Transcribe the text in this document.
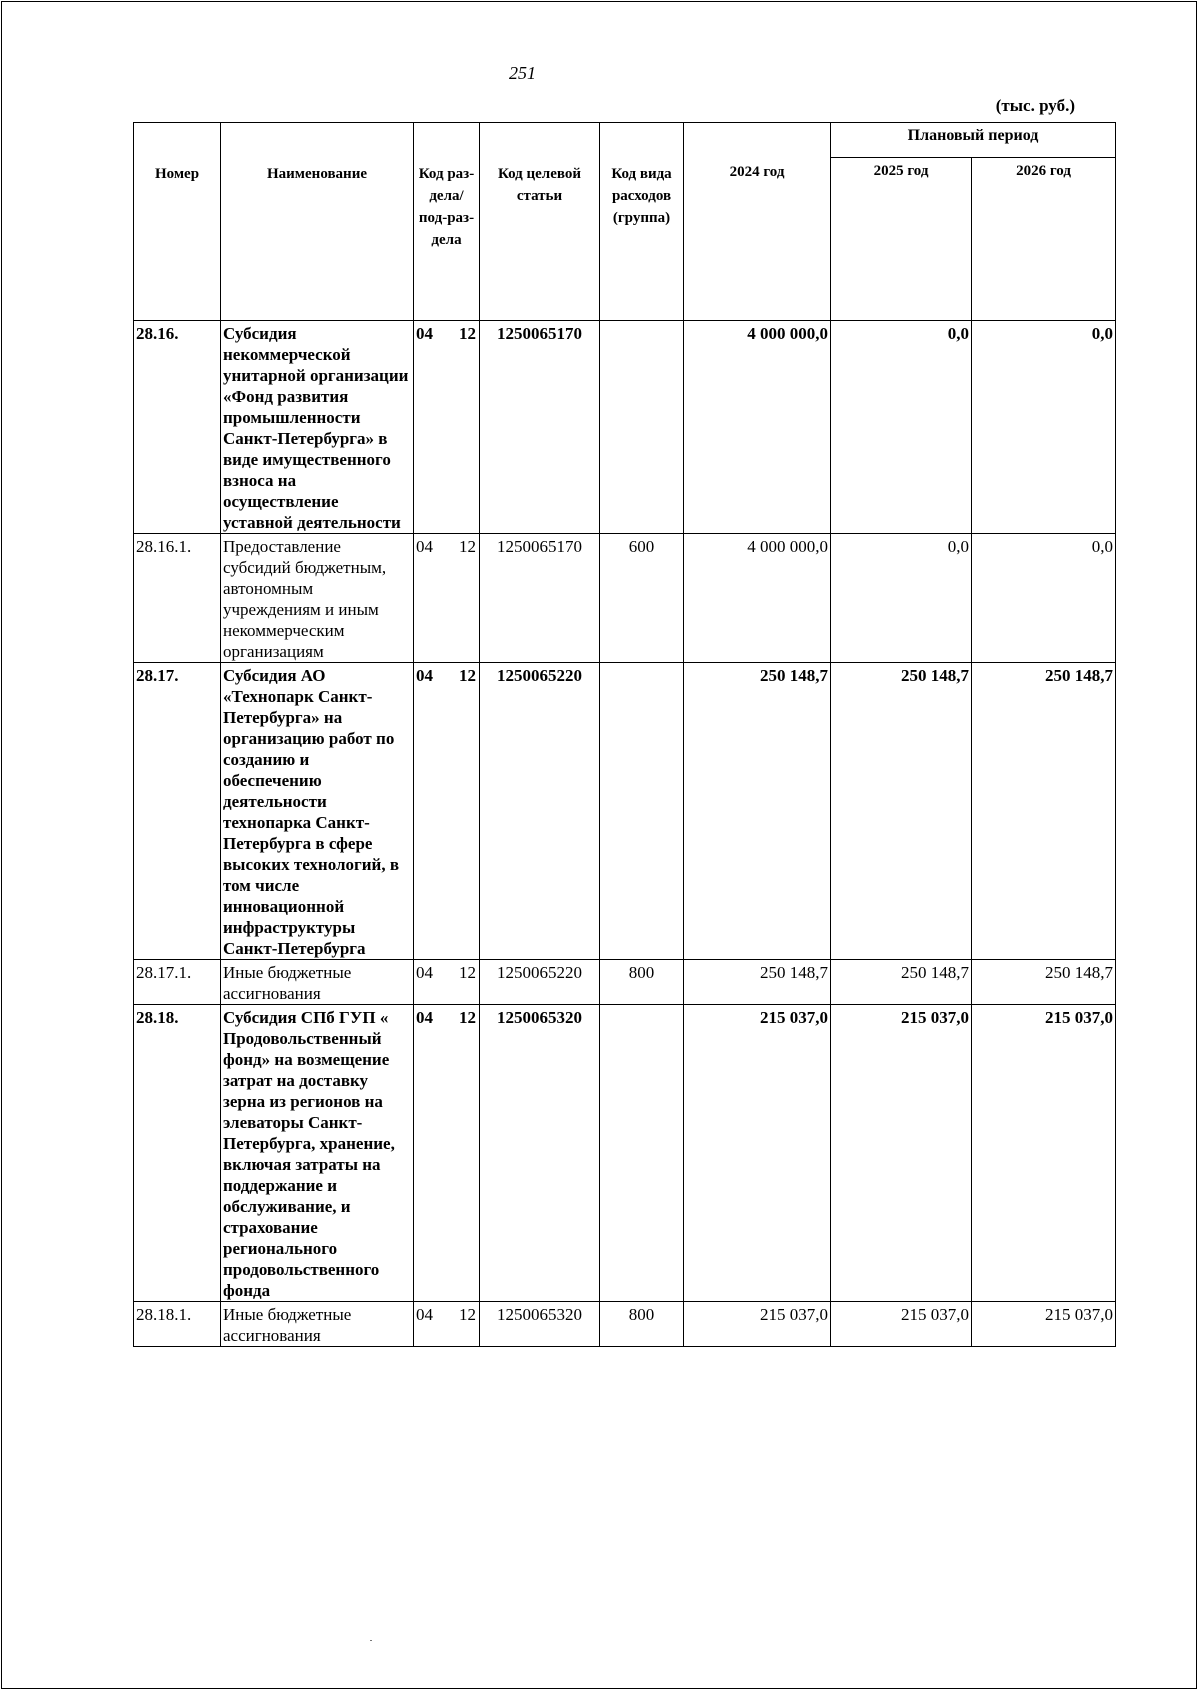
251
(тыс. руб.)
Номер	Наименование	Код раз-дела/ под-раз-дела	Код целевой статьи	Код вида расходов (группа)	2024 год	Плановый период	
						2025 год	2026 год
28.16.	Субсидия некоммерческой унитарной организации «Фонд развития промышленности Санкт-Петербурга» в виде имущественного взноса на осуществление уставной деятельности	04 12	1250065170		4 000 000,0	0,0	0,0
28.16.1.	Предоставление субсидий бюджетным, автономным учреждениям и иным некоммерческим организациям	04 12	1250065170	600	4 000 000,0	0,0	0,0
28.17.	Субсидия АО «Технопарк Санкт-Петербурга» на организацию работ по созданию и обеспечению деятельности технопарка Санкт-Петербурга в сфере высоких технологий, в том числе инновационной инфраструктуры Санкт-Петербурга	04 12	1250065220		250 148,7	250 148,7	250 148,7
28.17.1.	Иные бюджетные ассигнования	04 12	1250065220	800	250 148,7	250 148,7	250 148,7
28.18.	Субсидия СПб ГУП « Продовольственный фонд» на возмещение затрат на доставку зерна из регионов на элеваторы Санкт-Петербурга, хранение, включая затраты на поддержание и обслуживание, и страхование регионального продовольственного фонда	04 12	1250065320		215 037,0	215 037,0	215 037,0
28.18.1.	Иные бюджетные ассигнования	04 12	1250065320	800	215 037,0	215 037,0	215 037,0
